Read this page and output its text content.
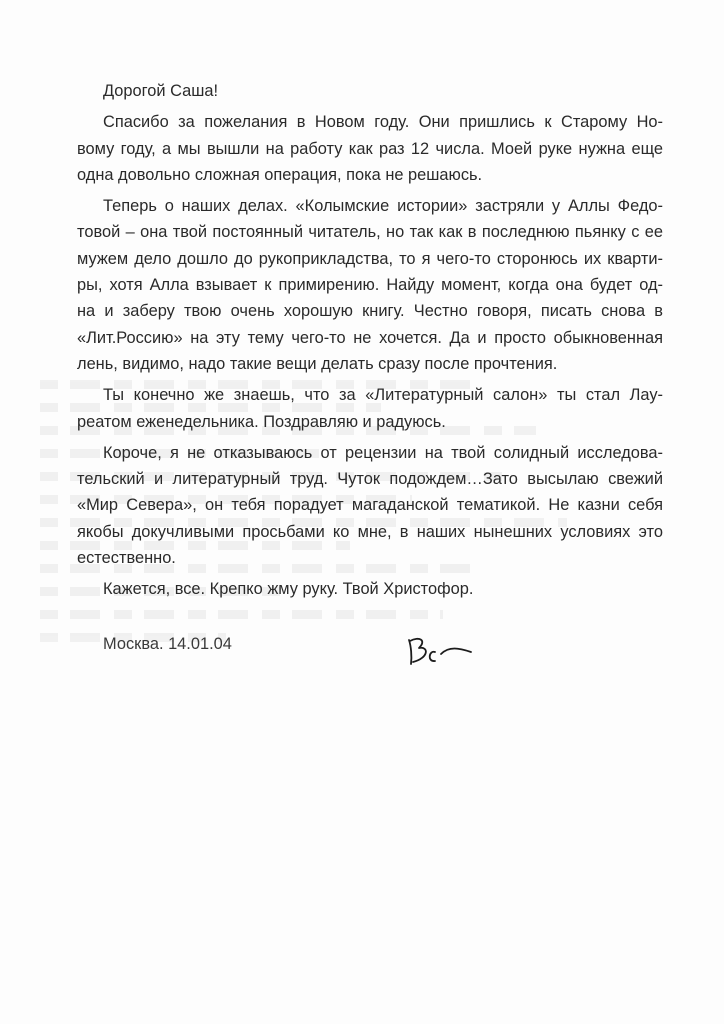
Дорогой Саша!
Спасибо за пожелания в Новом году. Они пришлись к Старому Но-
вому году, а мы вышли на работу как раз 12 числа. Моей руке нужна еще
одна довольно сложная операция, пока не решаюсь.
Теперь о наших делах. «Колымские истории» застряли у Аллы Федо-
товой – она твой постоянный читатель, но так как в последнюю пьянку с ее
мужем дело дошло до рукоприкладства, то я чего-то сторонюсь их кварти-
ры, хотя Алла взывает к примирению. Найду момент, когда она будет од-
на и заберу твою очень хорошую книгу. Честно говоря, писать снова в
«Лит.Россию» на эту тему чего-то не хочется. Да и просто обыкновенная
лень, видимо, надо такие вещи делать сразу после прочтения.
Ты конечно же знаешь, что за «Литературный салон» ты стал Лау-
реатом еженедельника. Поздравляю и радуюсь.
Короче, я не отказываюсь от рецензии на твой солидный исследова-
тельский и литературный труд. Чуток подождем…Зато высылаю свежий
«Мир Севера», он тебя порадует магаданской тематикой. Не казни себя
якобы докучливыми просьбами ко мне, в наших нынешних условиях это
естественно.
Кажется, все. Крепко жму руку. Твой Христофор.
Москва. 14.01.04
